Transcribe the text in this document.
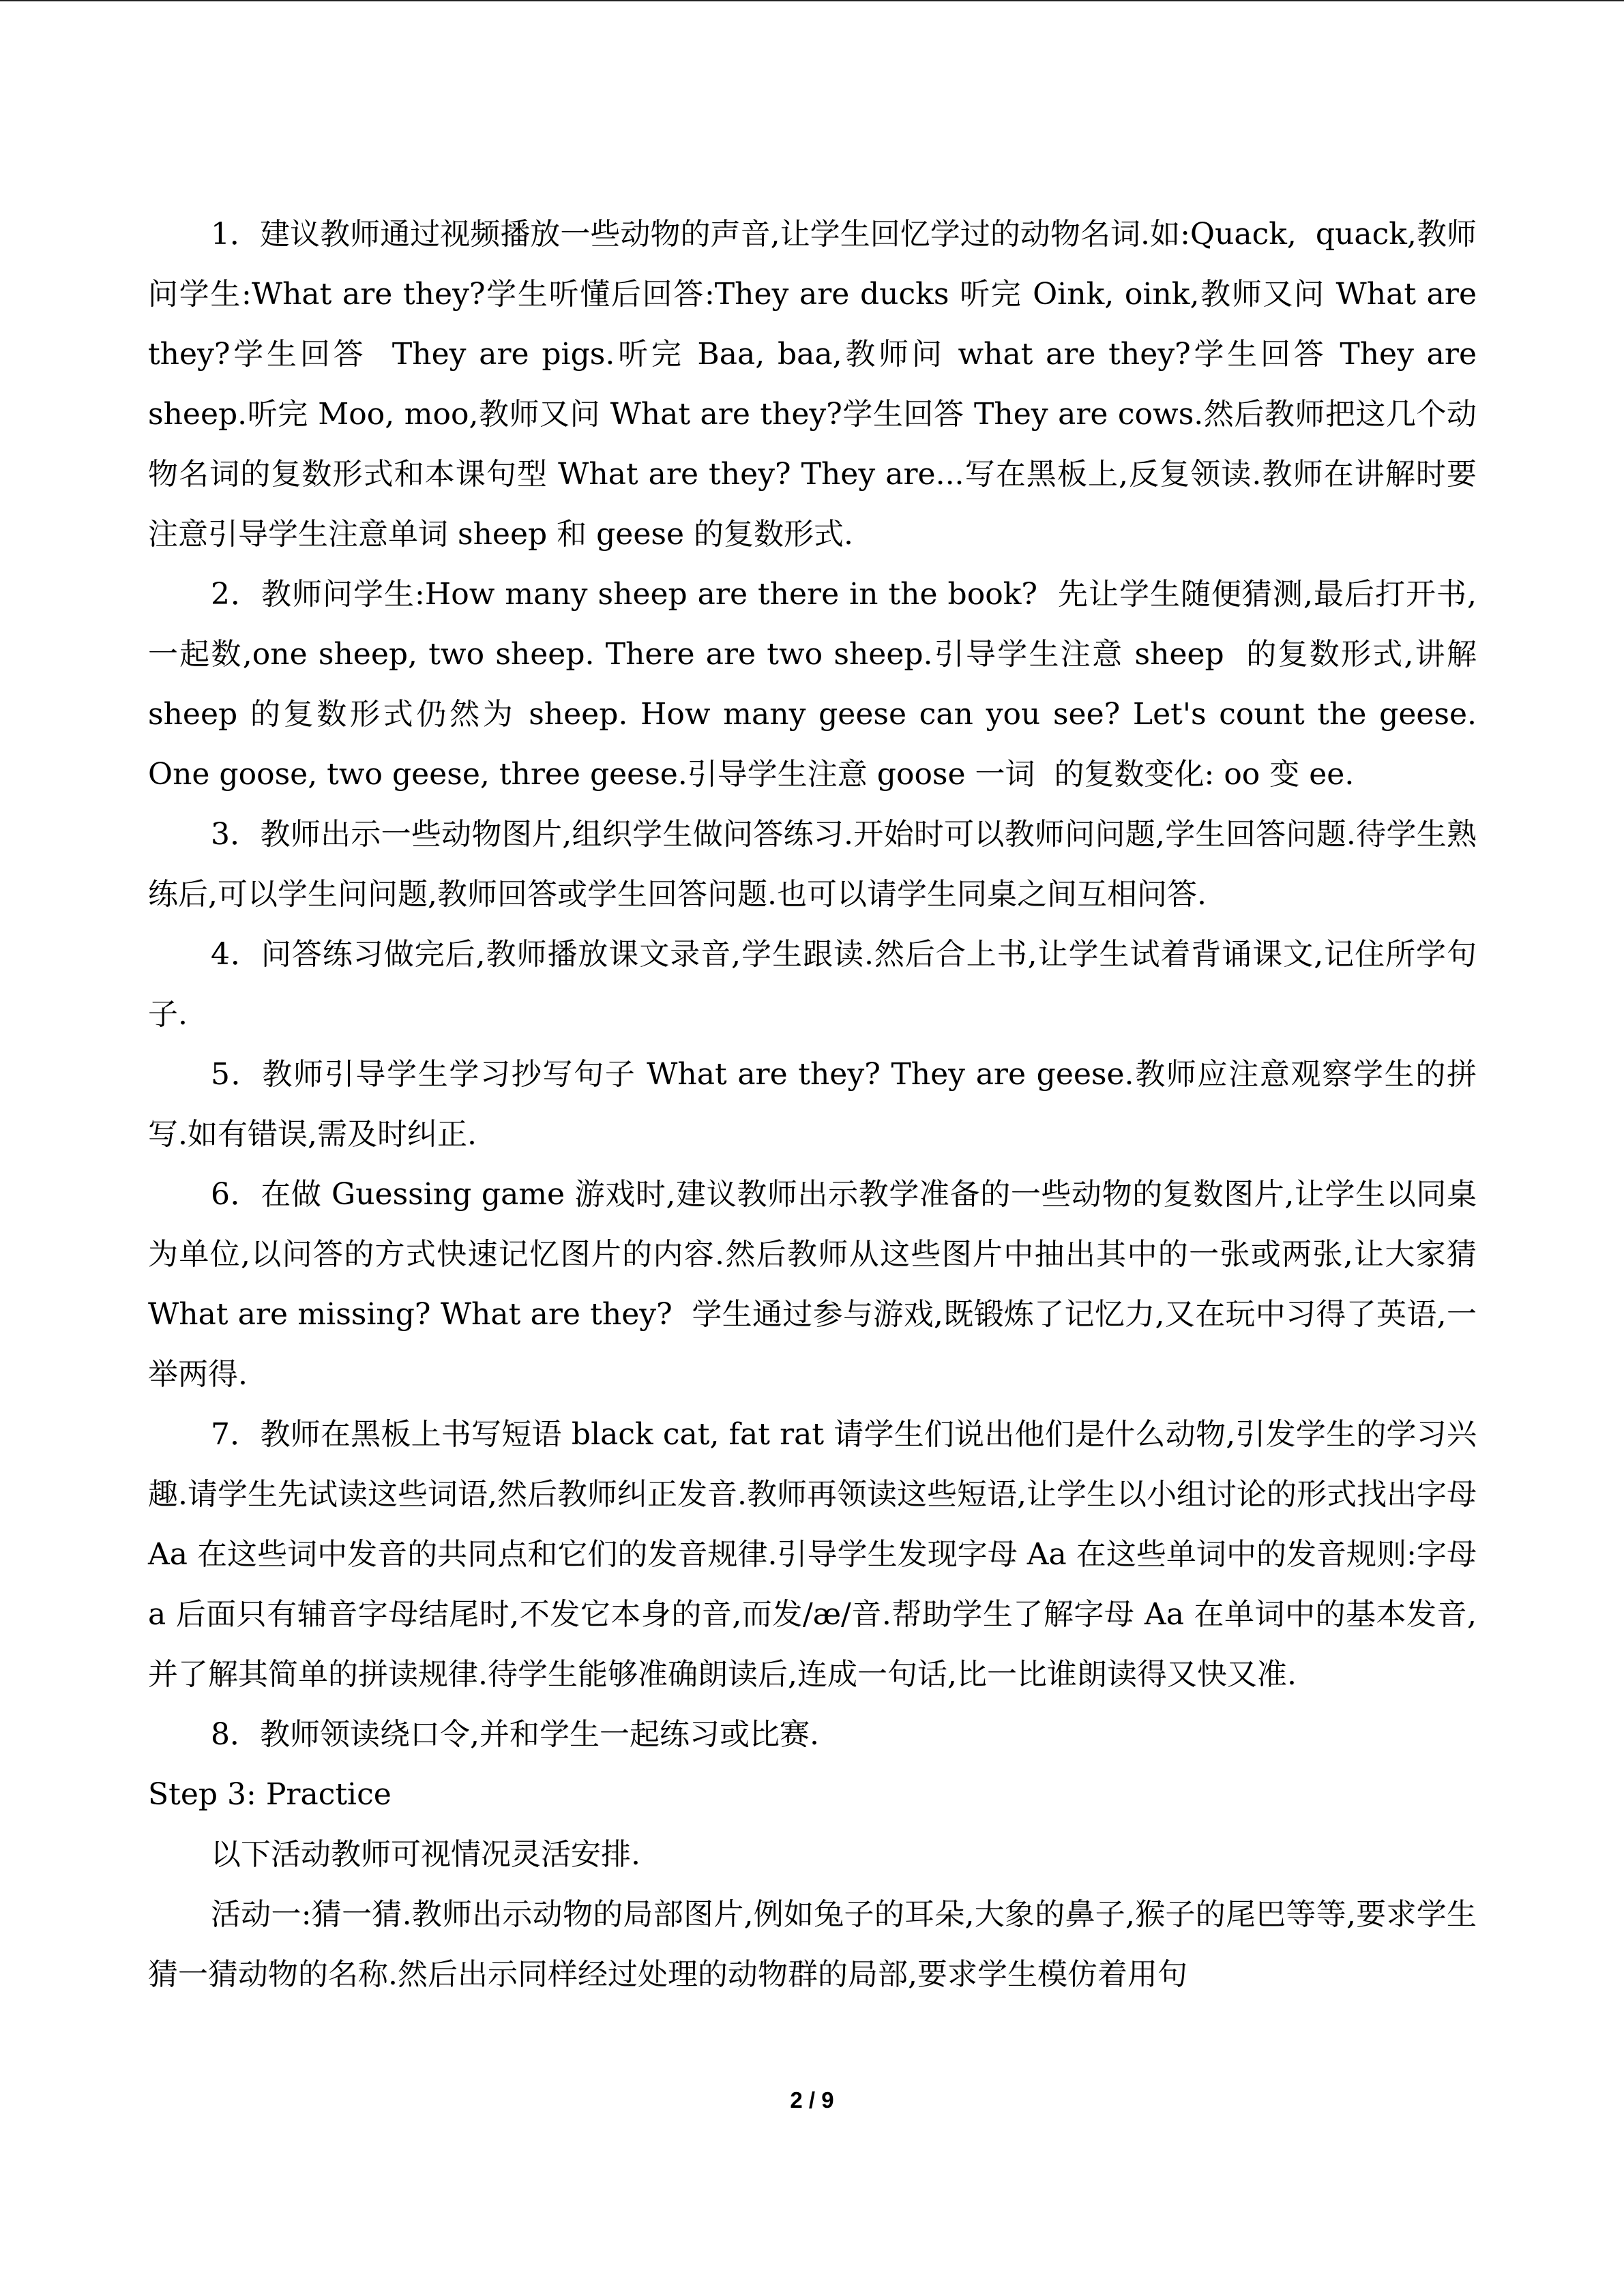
1．建议教师通过视频播放一些动物的声音,让学生回忆学过的动物名词.如:Quack,  quack,教师问学生:What are they?学生听懂后回答:They are ducks 听完 Oink, oink,教师又问 What are they?学生回答  They are pigs.听完 Baa, baa,教师问 what are they?学生回答 They are sheep.听完 Moo, moo,教师又问 What are they?学生回答 They are cows.然后教师把这几个动物名词的复数形式和本课句型 What are they? They are...写在黑板上,反复领读.教师在讲解时要注意引导学生注意单词 sheep 和 geese 的复数形式.

2．教师问学生:How many sheep are there in the book?  先让学生随便猜测,最后打开书,一起数,one sheep, two sheep. There are two sheep.引导学生注意 sheep  的复数形式,讲解 sheep 的复数形式仍然为 sheep. How many geese can you see? Let's count the geese. One goose, two geese, three geese.引导学生注意 goose 一词  的复数变化: oo 变 ee.

3．教师出示一些动物图片,组织学生做问答练习.开始时可以教师问问题,学生回答问题.待学生熟练后,可以学生问问题,教师回答或学生回答问题.也可以请学生同桌之间互相问答.

4．问答练习做完后,教师播放课文录音,学生跟读.然后合上书,让学生试着背诵课文,记住所学句子.

5．教师引导学生学习抄写句子 What are they? They are geese.教师应注意观察学生的拼写.如有错误,需及时纠正.

6．在做 Guessing game 游戏时,建议教师出示教学准备的一些动物的复数图片,让学生以同桌为单位,以问答的方式快速记忆图片的内容.然后教师从这些图片中抽出其中的一张或两张,让大家猜 What are missing? What are they?  学生通过参与游戏,既锻炼了记忆力,又在玩中习得了英语,一举两得.

7．教师在黑板上书写短语 black cat, fat rat 请学生们说出他们是什么动物,引发学生的学习兴趣.请学生先试读这些词语,然后教师纠正发音.教师再领读这些短语,让学生以小组讨论的形式找出字母 Aa 在这些词中发音的共同点和它们的发音规律.引导学生发现字母 Aa 在这些单词中的发音规则:字母 a 后面只有辅音字母结尾时,不发它本身的音,而发/æ/音.帮助学生了解字母 Aa 在单词中的基本发音,并了解其简单的拼读规律.待学生能够准确朗读后,连成一句话,比一比谁朗读得又快又准.

8．教师领读绕口令,并和学生一起练习或比赛.

Step 3: Practice

以下活动教师可视情况灵活安排.

活动一:猜一猜.教师出示动物的局部图片,例如兔子的耳朵,大象的鼻子,猴子的尾巴等等,要求学生猜一猜动物的名称.然后出示同样经过处理的动物群的局部,要求学生模仿着用句

2 / 9
